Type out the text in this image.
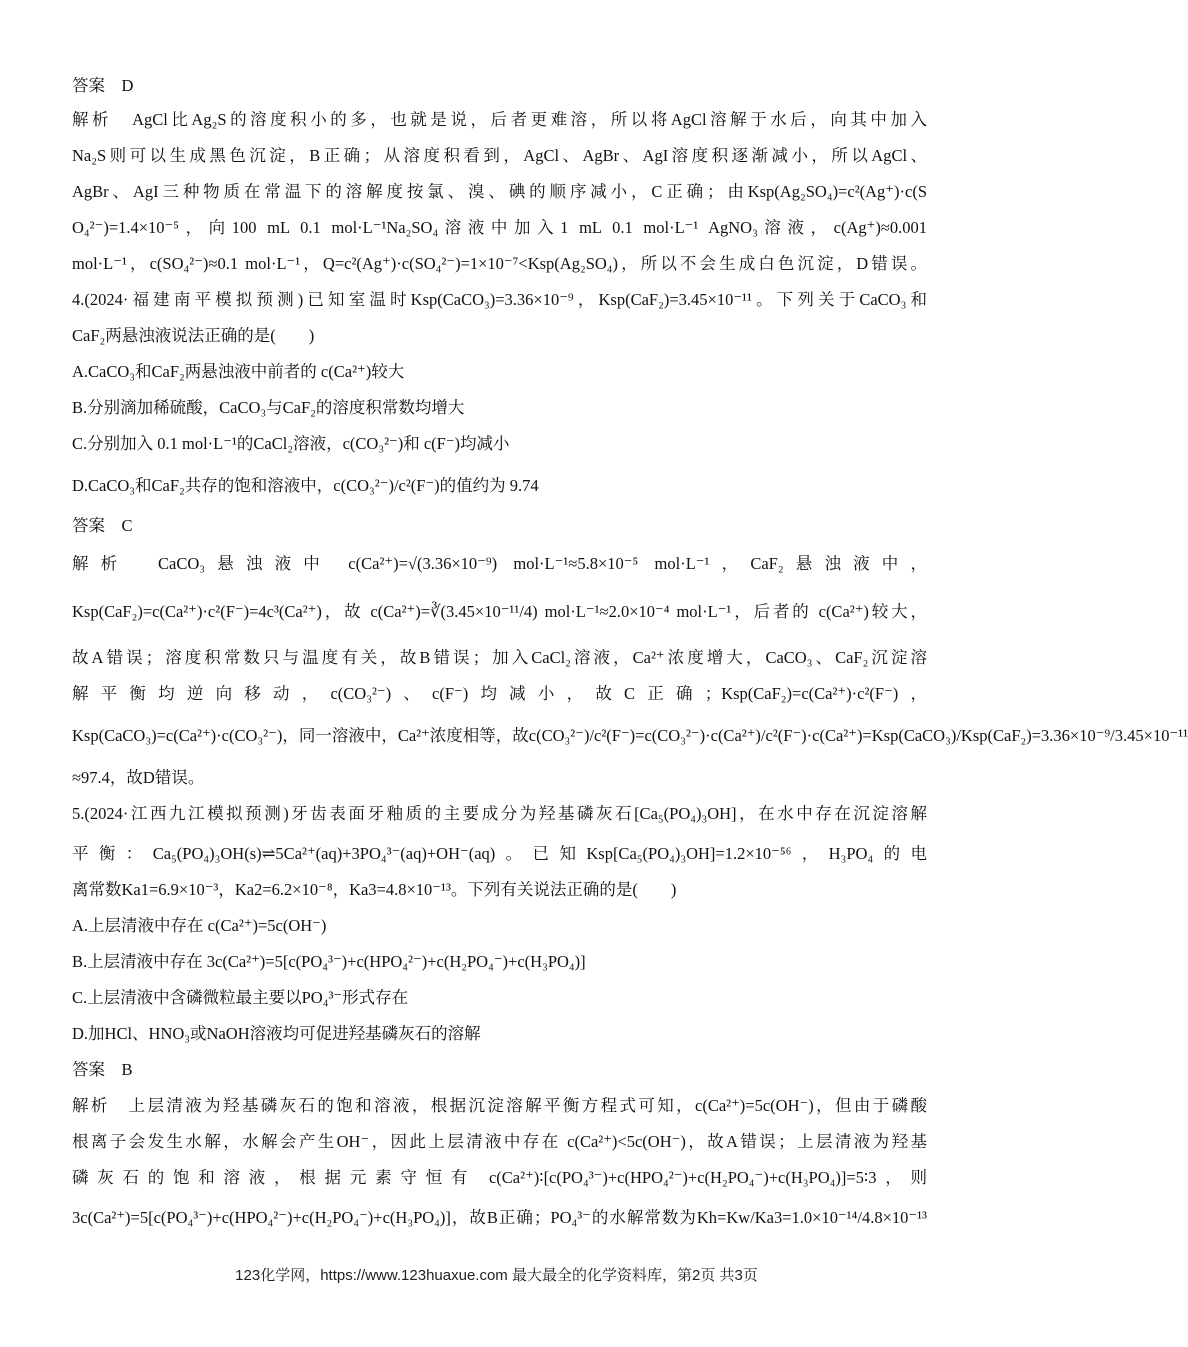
答案　D
解析　AgCl比Ag₂S的溶度积小的多，也就是说，后者更难溶，所以将AgCl溶解于水后，向其中加入
Na₂S则可以生成黑色沉淀，B正确；从溶度积看到，AgCl、AgBr、AgI溶度积逐渐减小，所以AgCl、
AgBr、AgI三种物质在常温下的溶解度按氯、溴、碘的顺序减小，C正确；由Ksp(Ag₂SO₄)=c²(Ag⁺)·c(S
O₄²⁻)=1.4×10⁻⁵，向100 mL 0.1 mol·L⁻¹Na₂SO₄溶液中加入1 mL 0.1 mol·L⁻¹ AgNO₃溶液，c(Ag⁺)≈0.001
mol·L⁻¹，c(SO₄²⁻)≈0.1 mol·L⁻¹，Q=c²(Ag⁺)·c(SO₄²⁻)=1×10⁻⁷<Ksp(Ag₂SO₄)，所以不会生成白色沉淀，D错误。
4.(2024·福建南平模拟预测)已知室温时Ksp(CaCO₃)=3.36×10⁻⁹，Ksp(CaF₂)=3.45×10⁻¹¹。下列关于CaCO₃和
CaF₂两悬浊液说法正确的是(　　)
A.CaCO₃和CaF₂两悬浊液中前者的 c(Ca²⁺)较大
B.分别滴加稀硫酸，CaCO₃与CaF₂的溶度积常数均增大
C.分别加入 0.1 mol·L⁻¹的CaCl₂溶液，c(CO₃²⁻)和 c(F⁻)均减小
D.CaCO₃和CaF₂共存的饱和溶液中，c(CO₃²⁻)/c²(F⁻)的值约为 9.74
答案　C
解析　CaCO₃悬浊液中 c(Ca²⁺)=√(3.36×10⁻⁹) mol·L⁻¹≈5.8×10⁻⁵ mol·L⁻¹，CaF₂悬浊液中，
Ksp(CaF₂)=c(Ca²⁺)·c²(F⁻)=4c³(Ca²⁺)，故 c(Ca²⁺)=∛(3.45×10⁻¹¹/4) mol·L⁻¹≈2.0×10⁻⁴ mol·L⁻¹，后者的 c(Ca²⁺)较大，
故A错误；溶度积常数只与温度有关，故B错误；加入CaCl₂溶液，Ca²⁺浓度增大，CaCO₃、CaF₂沉淀溶
解平衡均逆向移动，c(CO₃²⁻)、c(F⁻)均减小，故C正确；Ksp(CaF₂)=c(Ca²⁺)·c²(F⁻)，
Ksp(CaCO₃)=c(Ca²⁺)·c(CO₃²⁻)，同一溶液中，Ca²⁺浓度相等，故c(CO₃²⁻)/c²(F⁻)=c(CO₃²⁻)·c(Ca²⁺)/c²(F⁻)·c(Ca²⁺)=Ksp(CaCO₃)/Ksp(CaF₂)=3.36×10⁻⁹/3.45×10⁻¹¹
≈97.4，故D错误。
5.(2024·江西九江模拟预测)牙齿表面牙釉质的主要成分为羟基磷灰石[Ca₅(PO₄)₃OH]，在水中存在沉淀溶解
平衡：Ca₅(PO₄)₃OH(s)⇌5Ca²⁺(aq)+3PO₄³⁻(aq)+OH⁻(aq)。已知Ksp[Ca₅(PO₄)₃OH]=1.2×10⁻⁵⁶，H₃PO₄的电
离常数Ka1=6.9×10⁻³，Ka2=6.2×10⁻⁸，Ka3=4.8×10⁻¹³。下列有关说法正确的是(　　)
A.上层清液中存在 c(Ca²⁺)=5c(OH⁻)
B.上层清液中存在 3c(Ca²⁺)=5[c(PO₄³⁻)+c(HPO₄²⁻)+c(H₂PO₄⁻)+c(H₃PO₄)]
C.上层清液中含磷微粒最主要以PO₄³⁻形式存在
D.加HCl、HNO₃或NaOH溶液均可促进羟基磷灰石的溶解
答案　B
解析　上层清液为羟基磷灰石的饱和溶液，根据沉淀溶解平衡方程式可知，c(Ca²⁺)=5c(OH⁻)，但由于磷酸
根离子会发生水解，水解会产生OH⁻，因此上层清液中存在 c(Ca²⁺)<5c(OH⁻)，故A错误；上层清液为羟基
磷灰石的饱和溶液，根据元素守恒有 c(Ca²⁺)∶[c(PO₄³⁻)+c(HPO₄²⁻)+c(H₂PO₄⁻)+c(H₃PO₄)]=5∶3，则
3c(Ca²⁺)=5[c(PO₄³⁻)+c(HPO₄²⁻)+c(H₂PO₄⁻)+c(H₃PO₄)]，故B正确；PO₄³⁻的水解常数为Kh=Kw/Ka3=1.0×10⁻¹⁴/4.8×10⁻¹³
123化学网，https://www.123huaxue.com 最大最全的化学资料库，第2页 共3页
